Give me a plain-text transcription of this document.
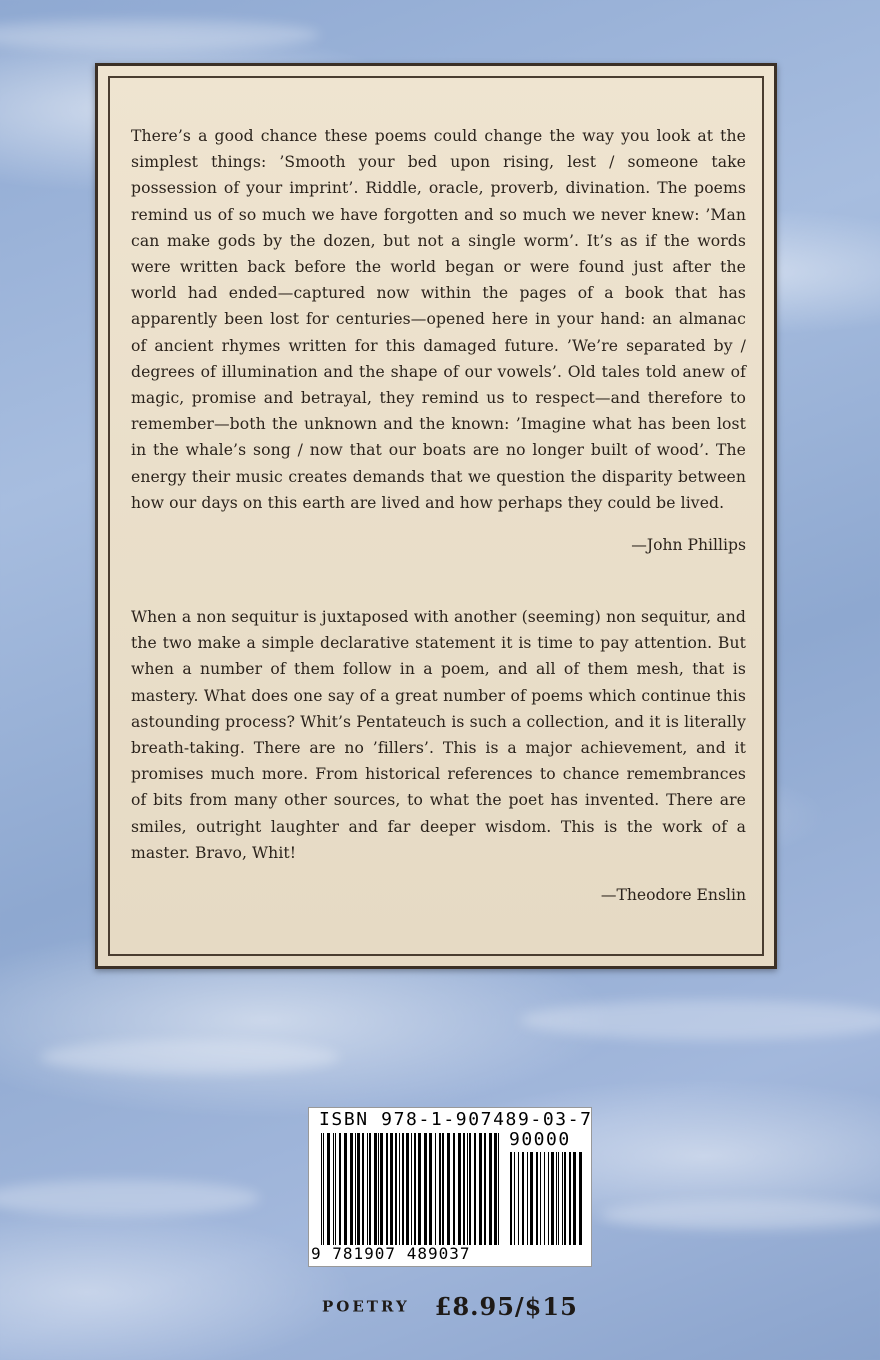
There’s a good chance these poems could change the way you look at the simplest things: ’Smooth your bed upon rising, lest / someone take possession of your imprint’. Riddle, oracle, proverb, divination. The poems remind us of so much we have forgotten and so much we never knew: ’Man can make gods by the dozen, but not a single worm’. It’s as if the words were written back before the world began or were found just after the world had ended—captured now within the pages of a book that has apparently been lost for centuries—opened here in your hand: an almanac of ancient rhymes written for this damaged future. ’We’re separated by / degrees of illumination and the shape of our vowels’. Old tales told anew of magic, promise and betrayal, they remind us to respect—and therefore to remember—both the unknown and the known: ’Imagine what has been lost in the whale’s song / now that our boats are no longer built of wood’. The energy their music creates demands that we question the disparity between how our days on this earth are lived and how perhaps they could be lived.

—John Phillips

When a non sequitur is juxtaposed with another (seeming) non sequitur, and the two make a simple declarative statement it is time to pay attention. But when a number of them follow in a poem, and all of them mesh, that is mastery. What does one say of a great number of poems which continue this astounding process? Whit’s Pentateuch is such a collection, and it is literally breath-taking. There are no ’fillers’. This is a major achievement, and it promises much more. From historical references to chance remembrances of bits from many other sources, to what the poet has invented. There are smiles, outright laughter and far deeper wisdom. This is the work of a master. Bravo, Whit!

—Theodore Enslin

ISBN 978-1-907489-03-7
90000
9 781907 489037
POETRY £8.95/$15
